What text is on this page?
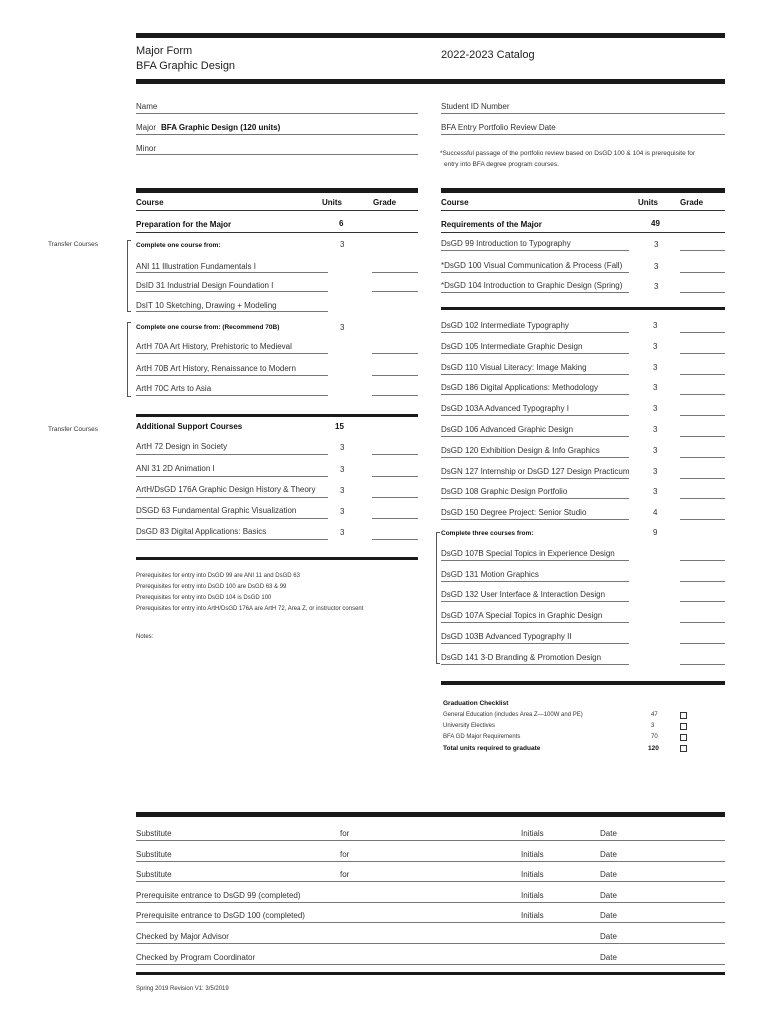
Major Form
BFA Graphic Design
2022-2023 Catalog
Name	Student ID Number
Major BFA Graphic Design (120 units)	BFA Entry Portfolio Review Date
Minor
*Successful passage of the portfolio review based on DsGD 100 & 104 is prerequisite for
entry into BFA degree program courses.
Course	Units	Grade
Preparation for the Major	6
Transfer Courses	Complete one course from:	3
ANI 11 Illustration Fundamentals I
DsID 31 Industrial Design Foundation I
DsIT 10 Sketching, Drawing + Modeling
Complete one course from: (Recommend 70B)	3
ArtH 70A Art History, Prehistoric to Medieval
ArtH 70B Art History, Renaissance to Modern
ArtH 70C Arts to Asia
Transfer Courses	Additional Support Courses	15
ArtH 72 Design in Society	3
ANI 31 2D Animation I	3
ArtH/DsGD 176A Graphic Design History & Theory	3
DSGD 63 Fundamental Graphic Visualization	3
DsGD 83 Digital Applications: Basics	3
Prerequisites for entry into DsGD 99 are ANI 11 and DsGD 63
Prerequisites for entry into DsGD 100 are DsGD 63 & 99
Prerequisites for entry into DsGD 104 is DsGD 100
Prerequisites for entry into ArtH/DsGD 176A are ArtH 72, Area Z, or instructor consent
Notes:
Course	Units	Grade
Requirements of the Major	49
DsGD 99 Introduction to Typography	3
*DsGD 100 Visual Communication & Process (Fall)	3
*DsGD 104 Introduction to Graphic Design (Spring)	3
DsGD 102 Intermediate Typography	3
DsGD 105 Intermediate Graphic Design	3
DsGD 110 Visual Literacy: Image Making	3
DsGD 186 Digital Applications: Methodology	3
DsGD 103A Advanced Typography I	3
DsGD 106 Advanced Graphic Design	3
DsGD 120 Exhibition Design & Info Graphics	3
DsGN 127 Internship or DsGD 127 Design Practicum	3
DsGD 108 Graphic Design Portfolio	3
DsGD 150 Degree Project: Senior Studio	4
Complete three courses from:	9
DsGD 107B Special Topics in Experience Design
DsGD 131 Motion Graphics
DsGD 132 User Interface & Interaction Design
DsGD 107A Special Topics in Graphic Design
DsGD 103B Advanced Typography II
DsGD 141 3-D Branding & Promotion Design
Graduation Checklist
General Education (includes Area Z—100W and PE)	47
University Electives	3
BFA GD Major Requirements	70
Total units required to graduate	120
Substitute	for	Initials	Date
Substitute	for	Initials	Date
Substitute	for	Initials	Date
Prerequisite entrance to DsGD 99 (completed)	Initials	Date
Prerequisite entrance to DsGD 100 (completed)	Initials	Date
Checked by Major Advisor	Date
Checked by Program Coordinator	Date
Spring 2019 Revision V1: 3/5/2019
